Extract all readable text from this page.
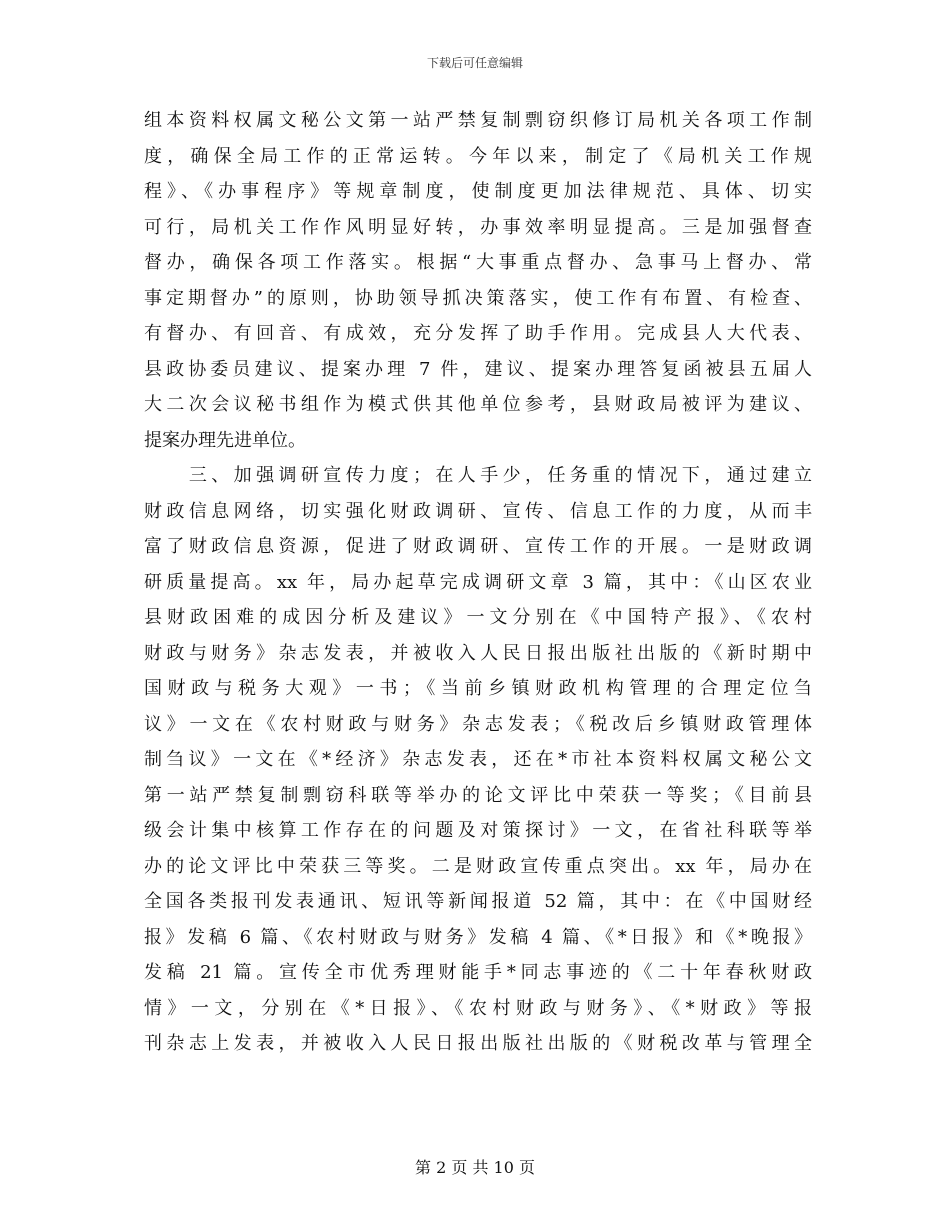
下载后可任意编辑
组本资料权属文秘公文第一站严禁复制剽窃织修订局机关各项工作制
度，确保全局工作的正常运转。今年以来，制定了《局机关工作规
程》、《办事程序》等规章制度，使制度更加法律规范、具体、切实
可行，局机关工作作风明显好转，办事效率明显提高。三是加强督查
督办，确保各项工作落实。根据“大事重点督办、急事马上督办、常
事定期督办”的原则，协助领导抓决策落实，使工作有布置、有检查、
有督办、有回音、有成效，充分发挥了助手作用。完成县人大代表、
县政协委员建议、提案办理 7 件，建议、提案办理答复函被县五届人
大二次会议秘书组作为模式供其他单位参考，县财政局被评为建议、
提案办理先进单位。
　　三、加强调研宣传力度；在人手少，任务重的情况下，通过建立
财政信息网络，切实强化财政调研、宣传、信息工作的力度，从而丰
富了财政信息资源，促进了财政调研、宣传工作的开展。一是财政调
研质量提高。xx 年，局办起草完成调研文章 3 篇，其中：《山区农业
县财政困难的成因分析及建议》一文分别在《中国特产报》、《农村
财政与财务》杂志发表，并被收入人民日报出版社出版的《新时期中
国财政与税务大观》一书；《当前乡镇财政机构管理的合理定位刍
议》一文在《农村财政与财务》杂志发表；《税改后乡镇财政管理体
制刍议》一文在《*经济》杂志发表，还在*市社本资料权属文秘公文
第一站严禁复制剽窃科联等举办的论文评比中荣获一等奖；《目前县
级会计集中核算工作存在的问题及对策探讨》一文，在省社科联等举
办的论文评比中荣获三等奖。二是财政宣传重点突出。xx 年，局办在
全国各类报刊发表通讯、短讯等新闻报道 52 篇，其中：在《中国财经
报》发稿 6 篇、《农村财政与财务》发稿 4 篇、《*日报》和《*晚报》
发稿 21 篇。宣传全市优秀理财能手*同志事迹的《二十年春秋财政
情》一文，分别在《*日报》、《农村财政与财务》、《*财政》等报
刊杂志上发表，并被收入人民日报出版社出版的《财税改革与管理全
第 2 页 共 10 页
